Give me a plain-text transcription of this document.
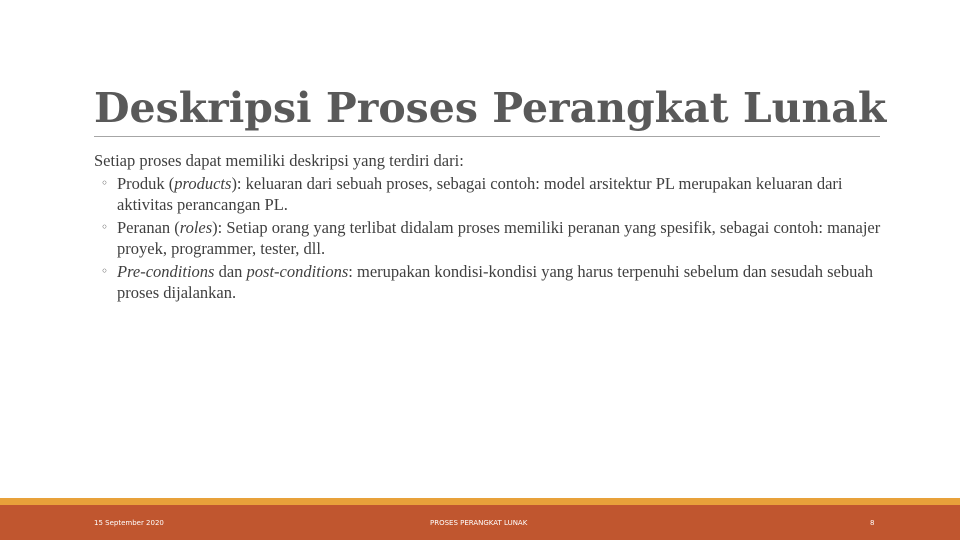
Deskripsi Proses Perangkat Lunak

Setiap proses dapat memiliki deskripsi yang terdiri dari:

◦ Produk (products): keluaran dari sebuah proses, sebagai contoh: model arsitektur PL merupakan keluaran dari aktivitas perancangan PL.
◦ Peranan (roles): Setiap orang yang terlibat didalam proses memiliki peranan yang spesifik, sebagai contoh: manajer proyek, programmer, tester, dll.
◦ Pre-conditions dan post-conditions: merupakan kondisi-kondisi yang harus terpenuhi sebelum dan sesudah sebuah proses dijalankan.
15 September 2020	PROSES PERANGKAT LUNAK	8
